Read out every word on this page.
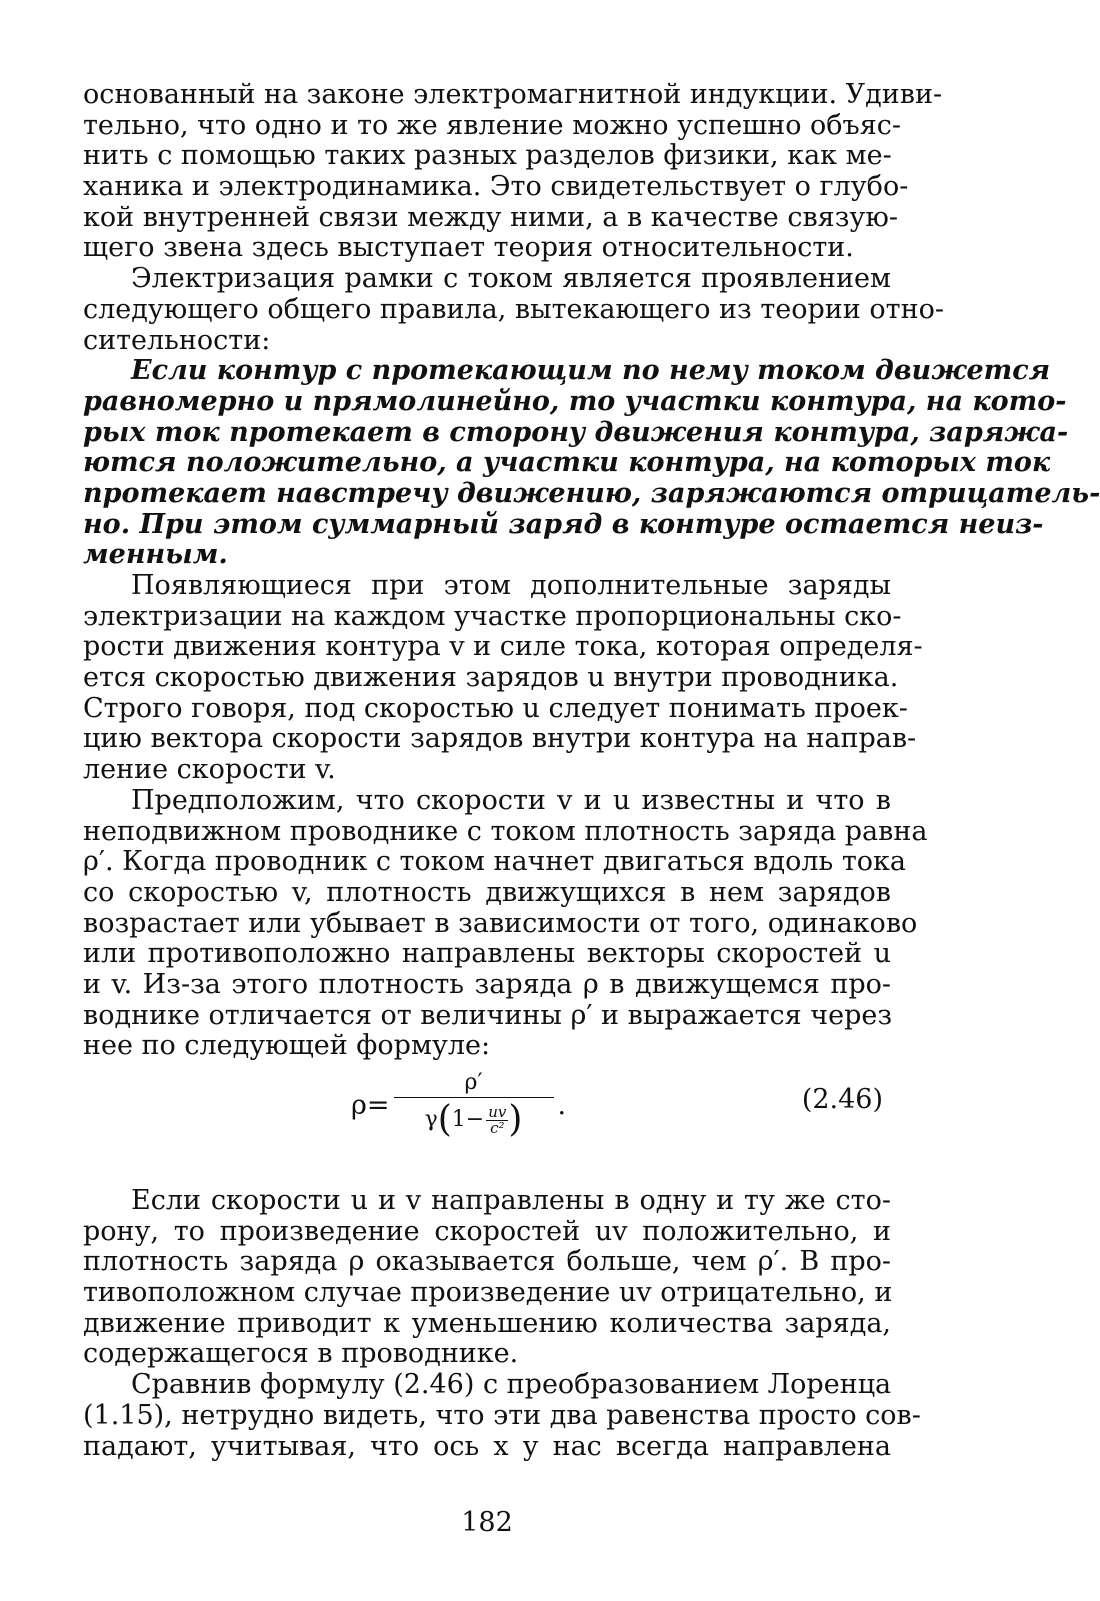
основанный на законе электромагнитной индукции. Удиви-
тельно, что одно и то же явление можно успешно объяс-
нить с помощью таких разных разделов физики, как ме-
ханика и электродинамика. Это свидетельствует о глубо-
кой внутренней связи между ними, а в качестве связую-
щего звена здесь выступает теория относительности.
Электризация рамки с током является проявлением
следующего общего правила, вытекающего из теории отно-
сительности:
Если контур с протекающим по нему током движется
равномерно и прямолинейно, то участки контура, на кото-
рых ток протекает в сторону движения контура, заряжа-
ются положительно, а участки контура, на которых ток
протекает навстречу движению, заряжаются отрицатель-
но. При этом суммарный заряд в контуре остается неиз-
менным.
Появляющиеся при этом дополнительные заряды
электризации на каждом участке пропорциональны ско-
рости движения контура v и силе тока, которая определя-
ется скоростью движения зарядов u внутри проводника.
Строго говоря, под скоростью u следует понимать проек-
цию вектора скорости зарядов внутри контура на направ-
ление скорости v.
Предположим, что скорости v и u известны и что в
неподвижном проводнике с током плотность заряда равна
ρ′. Когда проводник с током начнет двигаться вдоль тока
со скоростью v, плотность движущихся в нем зарядов
возрастает или убывает в зависимости от того, одинаково
или противоположно направлены векторы скоростей u
и v. Из-за этого плотность заряда ρ в движущемся про-
воднике отличается от величины ρ′ и выражается через
нее по следующей формуле:
$\rho = \frac{\rho'}{\gamma(1- \frac{uv}{\text{c²}} )}$ .	(2.46)
Если скорости u и v направлены в одну и ту же сто-
рону, то произведение скоростей uv положительно, и
плотность заряда ρ оказывается больше, чем ρ′. В про-
тивоположном случае произведение uv отрицательно, и
движение приводит к уменьшению количества заряда,
содержащегося в проводнике.
Сравнив формулу (2.46) с преобразованием Лоренца
(1.15), нетрудно видеть, что эти два равенства просто сов-
падают, учитывая, что ось x у нас всегда направлена
182
